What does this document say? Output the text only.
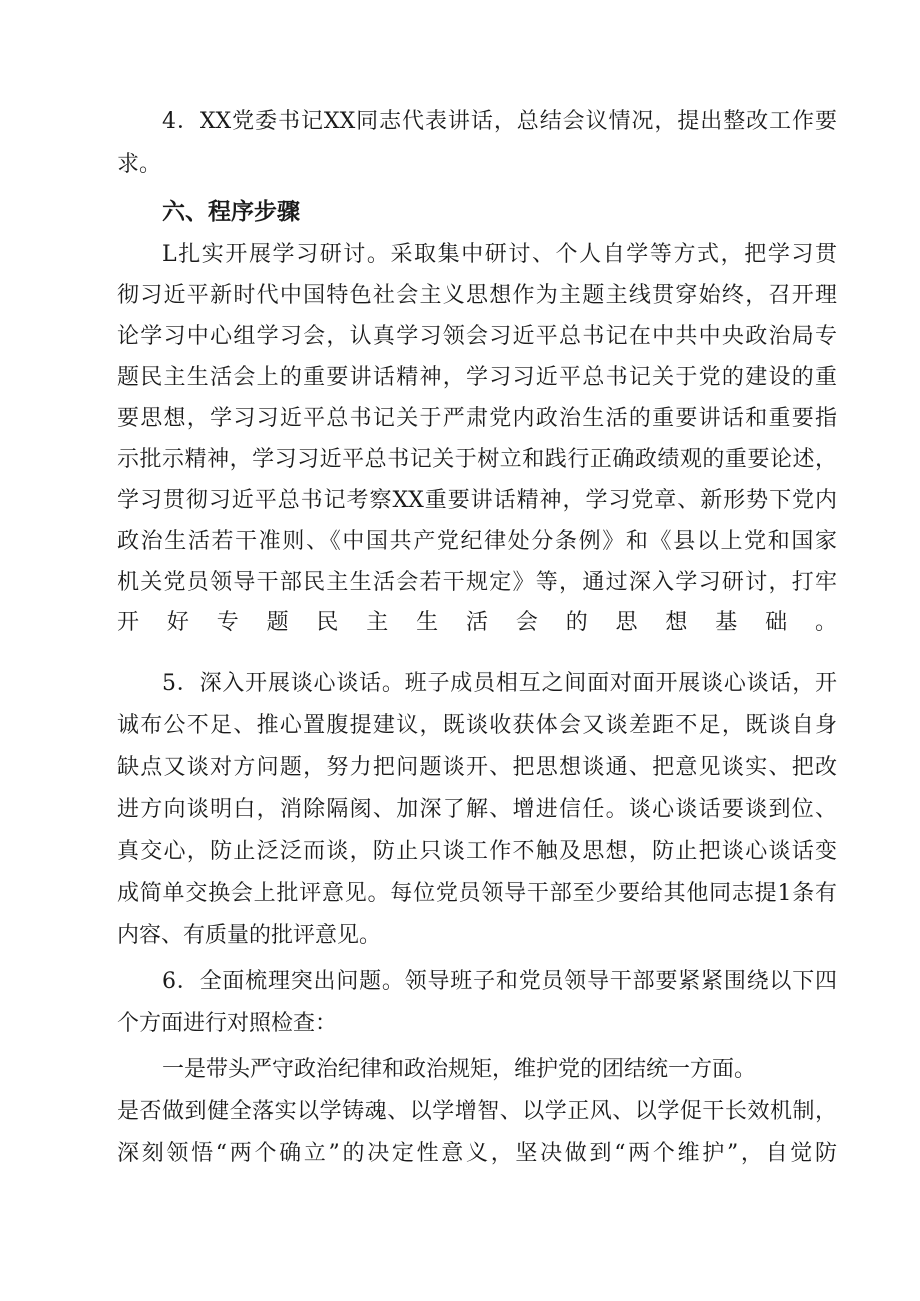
4．XX党委书记XX同志代表讲话，总结会议情况，提出整改工作要
求。
六、程序步骤
L扎实开展学习研讨。采取集中研讨、个人自学等方式，把学习贯
彻习近平新时代中国特色社会主义思想作为主题主线贯穿始终，召开理
论学习中心组学习会，认真学习领会习近平总书记在中共中央政治局专
题民主生活会上的重要讲话精神，学习习近平总书记关于党的建设的重
要思想，学习习近平总书记关于严肃党内政治生活的重要讲话和重要指
示批示精神，学习习近平总书记关于树立和践行正确政绩观的重要论述，
学习贯彻习近平总书记考察XX重要讲话精神，学习党章、新形势下党内
政治生活若干准则、《中国共产党纪律处分条例》和《县以上党和国家
机关党员领导干部民主生活会若干规定》等，通过深入学习研讨，打牢
开好专题民主生活会的思想基础。
5．深入开展谈心谈话。班子成员相互之间面对面开展谈心谈话，开
诚布公不足、推心置腹提建议，既谈收获体会又谈差距不足，既谈自身
缺点又谈对方问题，努力把问题谈开、把思想谈通、把意见谈实、把改
进方向谈明白，消除隔阂、加深了解、增进信任。谈心谈话要谈到位、
真交心，防止泛泛而谈，防止只谈工作不触及思想，防止把谈心谈话变
成简单交换会上批评意见。每位党员领导干部至少要给其他同志提1条有
内容、有质量的批评意见。
6．全面梳理突出问题。领导班子和党员领导干部要紧紧围绕以下四
个方面进行对照检查：
一是带头严守政治纪律和政治规矩，维护党的团结统一方面。
是否做到健全落实以学铸魂、以学增智、以学正风、以学促干长效机制，
深刻领悟“两个确立”的决定性意义，坚决做到“两个维护”，自觉防
